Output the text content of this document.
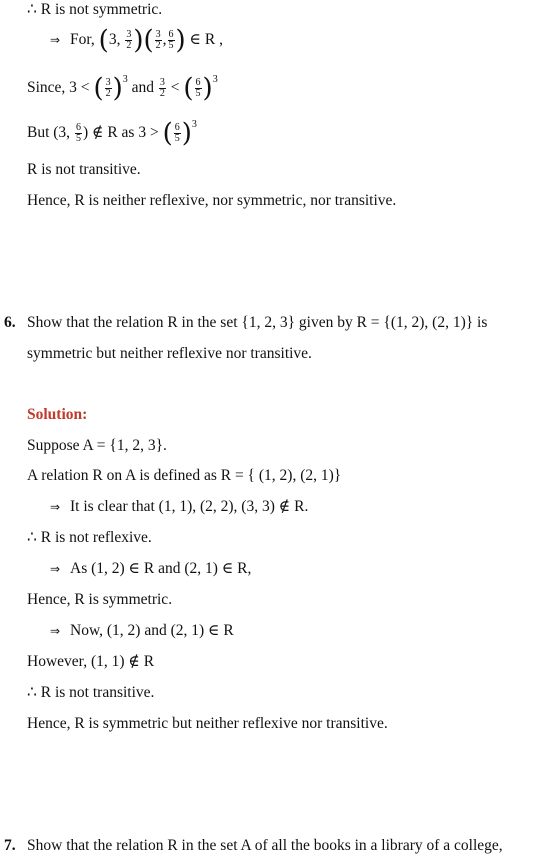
∴ R is not symmetric.
⇒ For, (3, $\frac{3}{2}$ )( $\frac{3}{2}$ , $\frac{6}{5}$ ) ∈ R ,
Since, 3 < ( $\frac{3}{2} )^3$ and $\frac{3}{2}$ < ( $\frac{6}{5} )^3$
But (3, $\frac{6}{5}$ ) ∉ R as 3 > ( $\frac{6}{5} )^3$
R is not transitive.
Hence, R is neither reflexive, nor symmetric, nor transitive.
6. Show that the relation R in the set {1, 2, 3} given by R = {(1, 2), (2, 1)} is
symmetric but neither reflexive nor transitive.
Solution:
Suppose A = {1, 2, 3}.
A relation R on A is defined as R = { (1, 2), (2, 1)}
⇒ It is clear that (1, 1), (2, 2), (3, 3) ∉ R.
∴ R is not reflexive.
⇒ As (1, 2) ∈ R and (2, 1) ∈ R,
Hence, R is symmetric.
⇒ Now, (1, 2) and (2, 1) ∈ R
However, (1, 1) ∉ R
∴ R is not transitive.
Hence, R is symmetric but neither reflexive nor transitive.
7. Show that the relation R in the set A of all the books in a library of a college,
